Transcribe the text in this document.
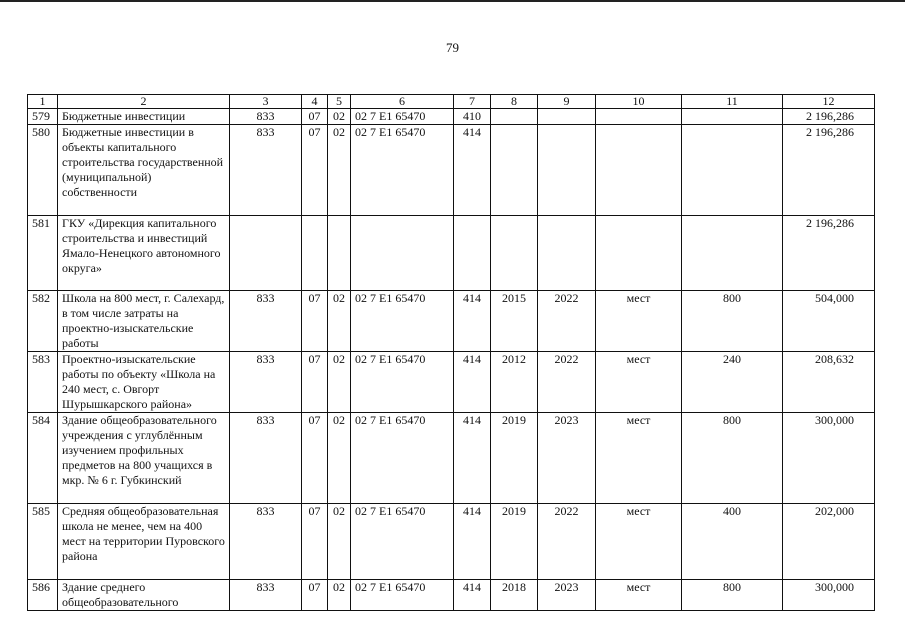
79
1	2	3	4	5	6	7	8	9	10	11	12
579	Бюджетные инвестиции	833	07	02	02 7 Е1 65470	410					2 196,286
580	Бюджетные инвестиции в объекты капитального строительства государственной (муниципальной) собственности	833	07	02	02 7 Е1 65470	414					2 196,286
581	ГКУ «Дирекция капитального строительства и инвестиций Ямало-Ненецкого автономного округа»										2 196,286
582	Школа на 800 мест, г. Салехард, в том числе затраты на проектно-изыскательские работы	833	07	02	02 7 Е1 65470	414	2015	2022	мест	800	504,000
583	Проектно-изыскательские работы по объекту «Школа на 240 мест, с. Овгорт Шурышкарского района»	833	07	02	02 7 Е1 65470	414	2012	2022	мест	240	208,632
584	Здание общеобразовательного учреждения с углублённым изучением профильных предметов на 800 учащихся в мкр. № 6 г. Губкинский	833	07	02	02 7 Е1 65470	414	2019	2023	мест	800	300,000
585	Средняя общеобразовательная школа не менее, чем на 400 мест на территории Пуровского района	833	07	02	02 7 Е1 65470	414	2019	2022	мест	400	202,000
586	Здание среднего общеобразовательного	833	07	02	02 7 Е1 65470	414	2018	2023	мест	800	300,000
